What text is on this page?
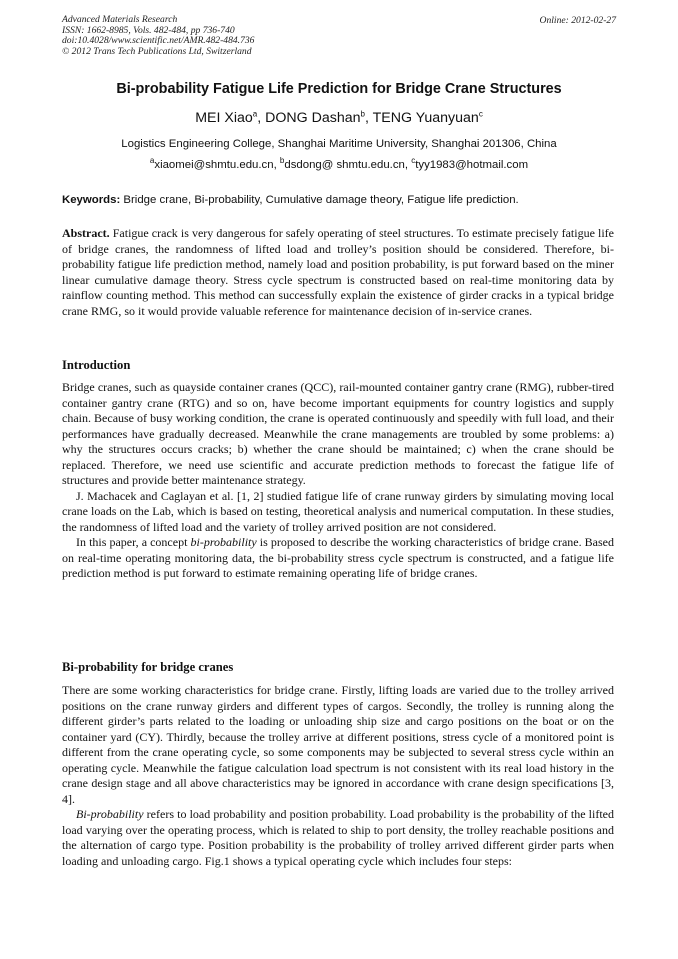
Advanced Materials Research
ISSN: 1662-8985, Vols. 482-484, pp 736-740
doi:10.4028/www.scientific.net/AMR.482-484.736
© 2012 Trans Tech Publications Ltd, Switzerland
Online: 2012-02-27
Bi-probability Fatigue Life Prediction for Bridge Crane Structures
MEI Xiao$^a$, DONG Dashan$^b$, TENG Yuanyuan$^c$
Logistics Engineering College, Shanghai Maritime University, Shanghai 201306, China
$^a$xiaomei@shmtu.edu.cn, $^b$dsdong@ shmtu.edu.cn, $^c$tyy1983@hotmail.com
Keywords: Bridge crane, Bi-probability, Cumulative damage theory, Fatigue life prediction.

Abstract. Fatigue crack is very dangerous for safely operating of steel structures. To estimate precisely fatigue life of bridge cranes, the randomness of lifted load and trolley’s position should be considered. Therefore, bi-probability fatigue life prediction method, namely load and position probability, is put forward based on the miner linear cumulative damage theory. Stress cycle spectrum is constructed based on real-time monitoring data by rainflow counting method. This method can successfully explain the existence of girder cracks in a typical bridge crane RMG, so it would provide valuable reference for maintenance decision of in-service cranes.

Introduction

Bridge cranes, such as quayside container cranes (QCC), rail-mounted container gantry crane (RMG), rubber-tired container gantry crane (RTG) and so on, have become important equipments for country logistics and supply chain. Because of busy working condition, the crane is operated continuously and speedily with full load, and their performances have gradually decreased. Meanwhile the crane managements are troubled by some problems: a) why the structures occurs cracks; b) whether the crane should be maintained; c) when the crane should be replaced. Therefore, we need use scientific and accurate prediction methods to forecast the fatigue life of structures and provide better maintenance strategy.

J. Machacek and Caglayan et al. [1, 2] studied fatigue life of crane runway girders by simulating moving local crane loads on the Lab, which is based on testing, theoretical analysis and numerical computation. In these studies, the randomness of lifted load and the variety of trolley arrived position are not considered.

In this paper, a concept bi-probability is proposed to describe the working characteristics of bridge crane. Based on real-time operating monitoring data, the bi-probability stress cycle spectrum is constructed, and a fatigue life prediction method is put forward to estimate remaining operating life of bridge cranes.

Bi-probability for bridge cranes

There are some working characteristics for bridge crane. Firstly, lifting loads are varied due to the trolley arrived positions on the crane runway girders and different types of cargos. Secondly, the trolley is running along the different girder’s parts related to the loading or unloading ship size and cargo positions on the boat or on the container yard (CY). Thirdly, because the trolley arrive at different positions, stress cycle of a monitored point is different from the crane operating cycle, so some components may be subjected to several stress cycle within an operating cycle. Meanwhile the fatigue calculation load spectrum is not consistent with its real load history in the crane design stage and all above characteristics may be ignored in accordance with crane design specifications [3, 4].

Bi-probability refers to load probability and position probability. Load probability is the probability of the lifted load varying over the operating process, which is related to ship to port density, the trolley reachable positions and the alternation of cargo type. Position probability is the probability of trolley arrived different girder parts when loading and unloading cargo. Fig.1 shows a typical operating cycle which includes four steps:
